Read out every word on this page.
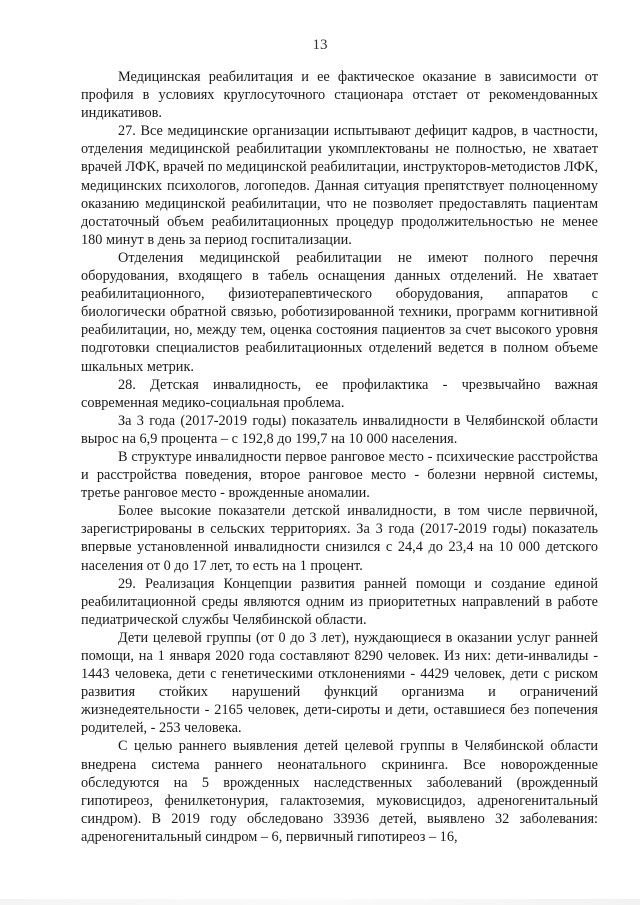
13

Медицинская реабилитация и ее фактическое оказание в зависимости от профиля в условиях круглосуточного стационара отстает от рекомендованных индикативов.

27. Все медицинские организации испытывают дефицит кадров, в частности, отделения медицинской реабилитации укомплектованы не полностью, не хватает врачей ЛФК, врачей по медицинской реабилитации, инструкторов-методистов ЛФК, медицинских психологов, логопедов. Данная ситуация препятствует полноценному оказанию медицинской реабилитации, что не позволяет предоставлять пациентам достаточный объем реабилитационных процедур продолжительностью не менее 180 минут в день за период госпитализации.

Отделения медицинской реабилитации не имеют полного перечня оборудования, входящего в табель оснащения данных отделений. Не хватает реабилитационного, физиотерапевтического оборудования, аппаратов с биологически обратной связью, роботизированной техники, программ когнитивной реабилитации, но, между тем, оценка состояния пациентов за счет высокого уровня подготовки специалистов реабилитационных отделений ведется в полном объеме шкальных метрик.

28. Детская инвалидность, ее профилактика - чрезвычайно важная современная медико-социальная проблема.

За 3 года (2017-2019 годы) показатель инвалидности в Челябинской области вырос на 6,9 процента – с 192,8 до 199,7 на 10 000 населения.

В структуре инвалидности первое ранговое место - психические расстройства и расстройства поведения, второе ранговое место - болезни нервной системы, третье ранговое место - врожденные аномалии.

Более высокие показатели детской инвалидности, в том числе первичной, зарегистрированы в сельских территориях. За 3 года (2017-2019 годы) показатель впервые установленной инвалидности снизился с 24,4 до 23,4 на 10 000 детского населения от 0 до 17 лет, то есть на 1 процент.

29. Реализация Концепции развития ранней помощи и создание единой реабилитационной среды являются одним из приоритетных направлений в работе педиатрической службы Челябинской области.

Дети целевой группы (от 0 до 3 лет), нуждающиеся в оказании услуг ранней помощи, на 1 января 2020 года составляют 8290 человек. Из них: дети-инвалиды - 1443 человека, дети с генетическими отклонениями - 4429 человек, дети с риском развития стойких нарушений функций организма и ограничений жизнедеятельности - 2165 человек, дети-сироты и дети, оставшиеся без попечения родителей, - 253 человека.

С целью раннего выявления детей целевой группы в Челябинской области внедрена система раннего неонатального скрининга. Все новорожденные обследуются на 5 врожденных наследственных заболеваний (врожденный гипотиреоз, фенилкетонурия, галактоземия, муковисцидоз, адреногенитальный синдром). В 2019 году обследовано 33936 детей, выявлено 32 заболевания: адреногенитальный синдром – 6, первичный гипотиреоз – 16,
